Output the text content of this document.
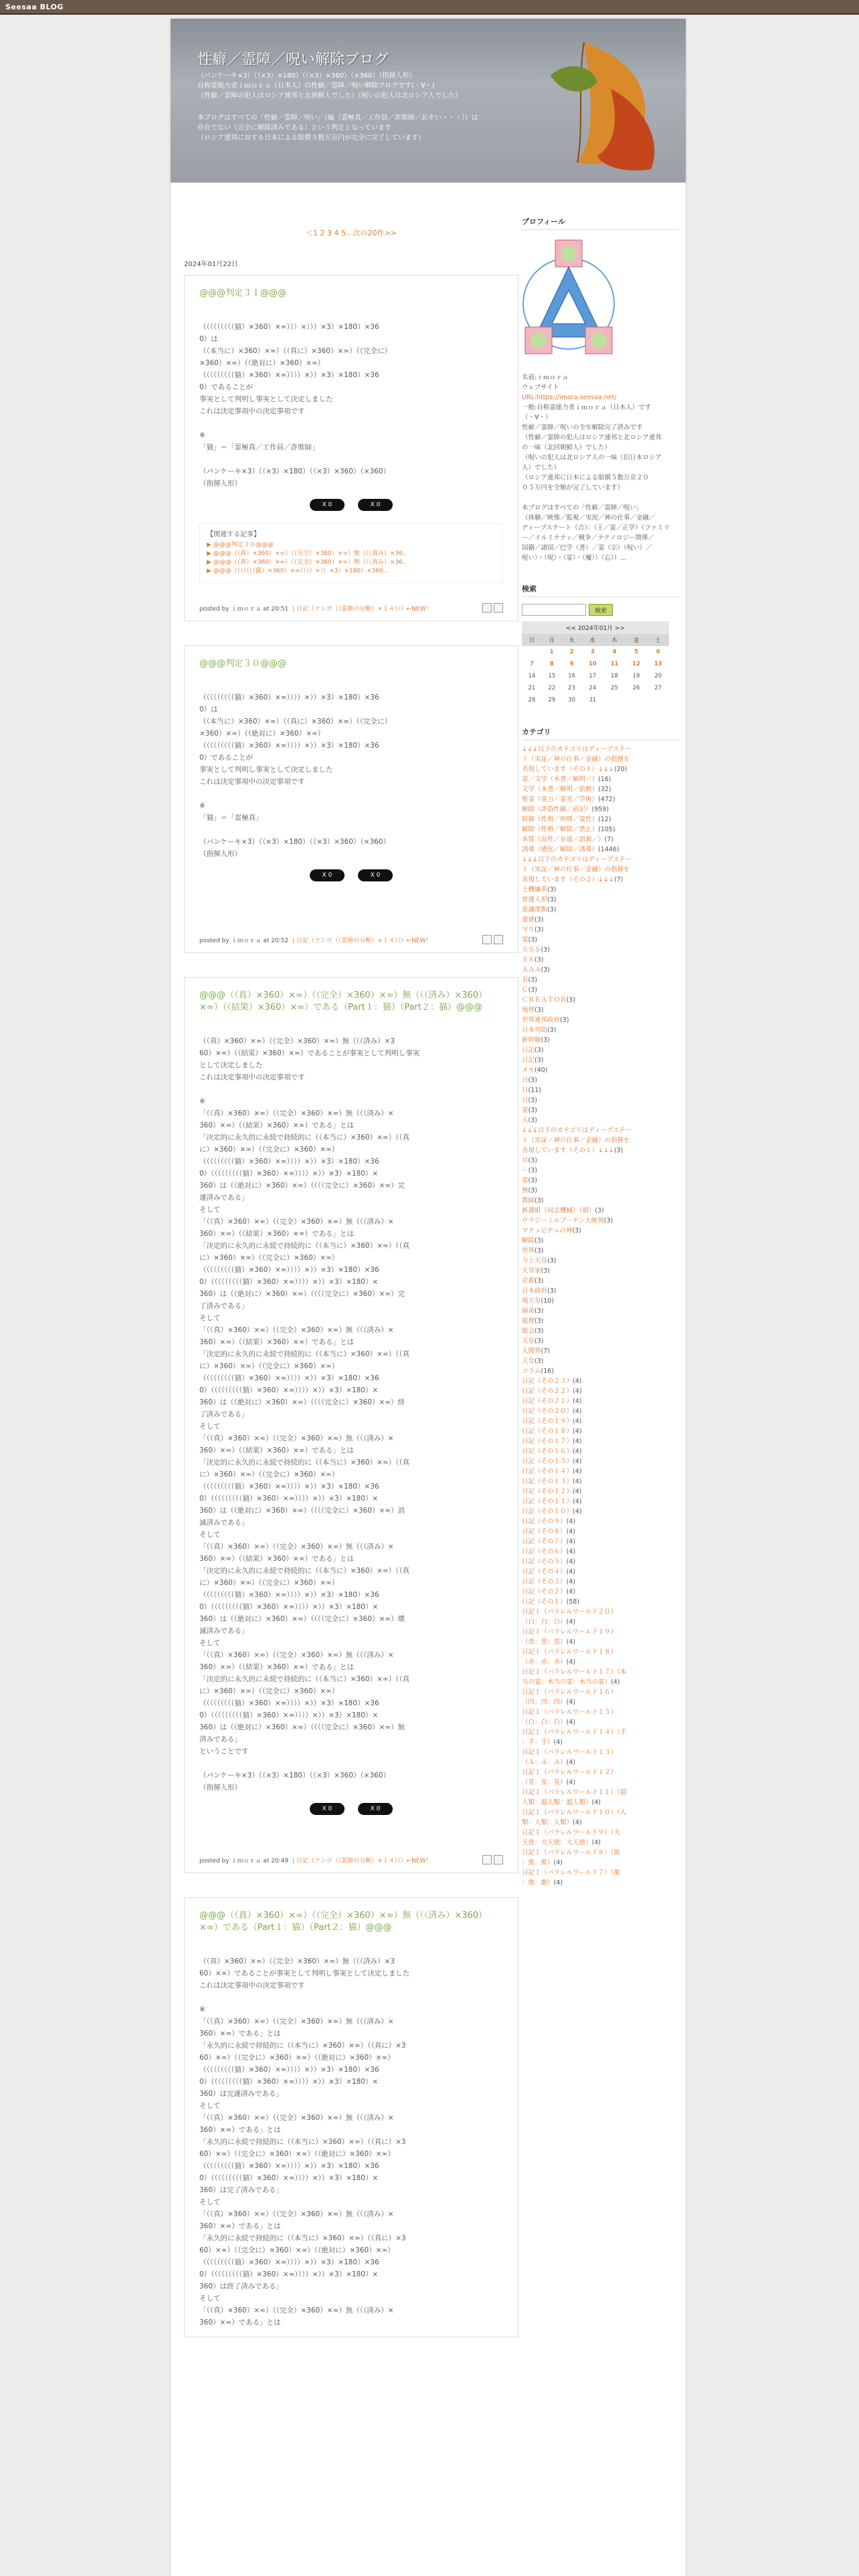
Seesaa BLOG
性癖／霊障／呪い解除ブログ
（パンケーキ×3）（（×3）×180）（（×3）×360）（×360）（指揮人形）
自称霊能力者ｉｍｏｒａ（日本人）の性癖／霊障／呪い解除ブログです(・∀・)
（性癖／霊障の犯人はロシア連邦と北朝鮮人でした）（呪いの犯人は北ロシア人でした）
本ブログはすべての「性癖／霊障／呪い」（編［霊極真／工作員／詐欺師／おそい・・・］）は
存在でない（完全に解除済みである）という判定となっています
（ロシア連邦に対する日本による賠償５数万京円が完全に完了しています）
＜1 2 3 4 5.. 次の20件>>
2024年01月22日
@@@判定３１@@@
（（（（（（（（（猫）×360）×∞）））×）））×3）×180）×36
0）は
（（本当に）×360）×∞）（（真に）×360）×∞）（（完全に）
×360）×∞）（（絶対に）×360）×∞）
（（（（（（（（（猫）×360）×∞））））×））×3）×180）×36
0）であることが
事実として判明し事実として決定しました
これは決定事項中の決定事項です

※
「猫」＝「霊極真／工作員／詐欺師」

（パンケーキ×3）（（×3）×180）（（×3）×360）（×360）
（指揮人形）
X 0	X 0
【関連する記事】
▶ @@@判定３０@@@
▶ @@@（（真）×360）×∞）（（完全）×360）×∞）無（（（真み）×36..
▶ @@@（（真）×360）×∞）（（完全）×360）×∞）無（（（真み）×36..
▶ @@@（（（（（（（猫）×360）×∞））））×））×3）×180）×360...
posted by ｉｍｏｒａ at 20:51 | 日記（ナンボ（（霊障の分断）×１４）））←NEW！
@@@判定３０@@@
（（（（（（（（（猫）×360）×∞））））×））×3）×180）×36
0）は
（（本当に）×360）×∞）（（真に）×360）×∞）（（完全に）
×360）×∞）（（絶対に）×360）×∞）
（（（（（（（（（猫）×360）×∞））））×））×3）×180）×36
0）であることが
事実として判明し事実として決定しました
これは決定事項中の決定事項です

※
「猫」＝「霊極真」

（パンケーキ×3）（（×3）×180）（（×3）×360）（×360）
（指揮人形）
X 0	X 0
posted by ｉｍｏｒａ at 20:52 | 日記（ナンボ（（霊障の分断）×１４）））←NEW！
@@@（（真）×360）×∞）（（完全）×360）×∞）無（（（済み）×360）×∞）（（結果）×360）×∞）である（Part１：猫）（Part２：猫）@@@
（（真）×360）×∞）（（完全）×360）×∞）無（（（済み）×3
60）×∞）（（結果）×360）×∞）であることが事実として判明し事実
として決定しました
これは決定事項中の決定事項です

※
「（（真）×360）×∞）（（完全）×360）×∞）無（（（済み）×
360）×∞）（（結果）×360）×∞）である」とは
「決定的に永久的に永続で持続的に（（本当に）×360）×∞）（（真
に）×360）×∞）（（完全に）×360）×∞）
（（（（（（（（（猫）×360）×∞））））×））×3）×180）×36
0）（（（（（（（（（猫）×360）×∞））））×））×3）×180）×
360）は（（絶対に）×360）×∞）（（（（完全に）×360）×∞）完
遂済みである」
そして
「（（真）×360）×∞）（（完全）×360）×∞）無（（（済み）×
360）×∞）（（結果）×360）×∞）である」とは
「決定的に永久的に永続で持続的に（（本当に）×360）×∞）（（真
に）×360）×∞）（（完全に）×360）×∞）
（（（（（（（（（猫）×360）×∞））））×））×3）×180）×36
0）（（（（（（（（（猫）×360）×∞））））×））×3）×180）×
360）は（（絶対に）×360）×∞）（（（（完全に）×360）×∞）完
了済みである」
そして
「（（真）×360）×∞）（（完全）×360）×∞）無（（（済み）×
360）×∞）（（結果）×360）×∞）である」とは
「決定的に永久的に永続で持続的に（（本当に）×360）×∞）（（真
に）×360）×∞）（（完全に）×360）×∞）
（（（（（（（（（猫）×360）×∞））））×））×3）×180）×36
0）（（（（（（（（（猫）×360）×∞））））×））×3）×180）×
360）は（（絶対に）×360）×∞）（（（（完全に）×360）×∞）終
了済みである」
そして
「（（真）×360）×∞）（（完全）×360）×∞）無（（（済み）×
360）×∞）（（結果）×360）×∞）である」とは
「決定的に永久的に永続で持続的に（（本当に）×360）×∞）（（真
に）×360）×∞）（（完全に）×360）×∞）
（（（（（（（（（猫）×360）×∞））））×））×3）×180）×36
0）（（（（（（（（（猫）×360）×∞））））×））×3）×180）×
360）は（（絶対に）×360）×∞）（（（（完全に）×360）×∞）消
滅済みである」
そして
「（（真）×360）×∞）（（完全）×360）×∞）無（（（済み）×
360）×∞）（（結果）×360）×∞）である」とは
「決定的に永久的に永続で持続的に（（本当に）×360）×∞）（（真
に）×360）×∞）（（完全に）×360）×∞）
（（（（（（（（（猫）×360）×∞））））×））×3）×180）×36
0）（（（（（（（（（猫）×360）×∞））））×））×3）×180）×
360）は（（絶対に）×360）×∞）（（（（完全に）×360）×∞）壊
滅済みである」
そして
「（（真）×360）×∞）（（完全）×360）×∞）無（（（済み）×
360）×∞）（（結果）×360）×∞）である」とは
「決定的に永久的に永続で持続的に（（本当に）×360）×∞）（（真
に）×360）×∞）（（完全に）×360）×∞）
（（（（（（（（（猫）×360）×∞））））×））×3）×180）×36
0）（（（（（（（（（猫）×360）×∞））））×））×3）×180）×
360）は（（絶対に）×360）×∞）（（（（完全に）×360）×∞）無
済みである」
ということです

（パンケーキ×3）（（×3）×180）（（×3）×360）（×360）
（指揮人形）
X 0	X 0
posted by ｉｍｏｒａ at 20:49 | 日記（ナンボ（（霊障の分断）×１４）））←NEW！
@@@（（真）×360）×∞）（（完全）×360）×∞）無（（（済み）×360）×∞）である（Part１：猫）（Part２：猫）@@@
（（真）×360）×∞）（（完全）×360）×∞）無（（（済み）×3
60）×∞）であることが事実として判明し事実として決定しました
これは決定事項中の決定事項です

※
「（（真）×360）×∞）（（完全）×360）×∞）無（（（済み）×
360）×∞）である」とは
「永久的に永続で持続的に（（本当に）×360）×∞）（（真に）×3
60）×∞）（（完全に）×360）×∞）（（絶対に）×360）×∞）
（（（（（（（（（猫）×360）×∞））））×））×3）×180）×36
0）（（（（（（（（（猫）×360）×∞））））×））×3）×180）×
360）は完遂済みである」
そして
「（（真）×360）×∞）（（完全）×360）×∞）無（（（済み）×
360）×∞）である」とは
「永久的に永続で持続的に（（本当に）×360）×∞）（（真に）×3
60）×∞）（（完全に）×360）×∞）（（絶対に）×360）×∞）
（（（（（（（（（猫）×360）×∞））））×））×3）×180）×36
0）（（（（（（（（（猫）×360）×∞））））×））×3）×180）×
360）は完了済みである」
そして
「（（真）×360）×∞）（（完全）×360）×∞）無（（（済み）×
360）×∞）である」とは
「永久的に永続で持続的に（（本当に）×360）×∞）（（真に）×3
60）×∞）（（完全に）×360）×∞）（（絶対に）×360）×∞）
（（（（（（（（（猫）×360）×∞））））×））×3）×180）×36
0）（（（（（（（（（猫）×360）×∞））））×））×3）×180）×
360）は終了済みである」
そして
「（（真）×360）×∞）（（完全）×360）×∞）無（（（済み）×
360）×∞）である」とは
プロフィール
名前:ｉｍｏｒａ
ウェブサイト
URL:https://imora.seesaa.net/
一般:自称霊能力者ｉｍｏｒａ（日本人）です
（・∀・）
性癖／霊障／呪いの全年解除完了済みです
（性癖／霊障の犯人はロシア連邦と北ロシア連邦
の一味（北回朝鮮人）でした）
（呪いの犯人は北ロシア人の一味（旧日本ロシア
人）でした）
（ロシア連邦に日本による賠償５数万京２０
０５万円を全額が完了しています）

本ブログはすべての「性癖／霊障／呪い」
（体験／映像／監視／実況／神の仕事／金融／
ディープステート（吉）：（王／霊／正学）（ファミリ
ー／イルミナティ／戦争／テクノロジー関係／
国籍／諸国／巴学（書）／霊（宗）（呪い）／
呪い）・（呪）・（霊）・（魔））（忘））...
検索
検索
<< 2024年01月 >>
日	月	火	水	木	金	土
	1	2	3	4	5	6
7	8	9	10	11	12	13
14	15	16	17	18	19	20
21	22	23	24	25	26	27
28	29	30	31			
カテゴリ
↓↓↓以下のカテゴリはディープステー
ト（実証／神の仕事／金融）の指揮を
表現しています（その１）↓↓↓(20)
霊／文学（本書／解明／）(16)
文学（本書／解明／依頼）(32)
聖霊（霊力／霊光／学術）(472)
解除（詐偽性癖／前記）(959)
防御（性格／仲間／霊性）(12)
解除（性格／解除／禁止）(105)
本質（品性／歩道／語源／）(7)
誘導（感化／解除／誘導）(1446)
↓↓↓以下のカテゴリはディープステー
ト（実証／神の仕事／金融）の指揮を
表現しています（その２）↓↓↓(7)
上機嫌系(3)
普通人形(3)
意識運動(3)
道徳(3)
守り(3)
霊(3)
ＳＳＳ(3)
ＳＳ(3)
ＡＡＡ(3)
Ｂ(3)
Ｃ(3)
ＣＲＥＡＴＯＲ(3)
地理(3)
世界連邦政府(3)
日本列島(3)
新幹線(3)
日記(3)
日記(3)
メモ(40)
日(3)
日(11)
日(3)
霊(3)
人(3)
↓↓↓以下のカテゴリはディープステー
ト（実証／神の仕事／金融）の指揮を
表現しています（その１）↓↓↓(3)
０(3)
ー(3)
霊(3)
無(3)
教師(3)
新選組（同志機械）（頭）(3)
ウラジーミルプーチン大統領(3)
マチュピチュの神(3)
解除(3)
世界(3)
今上天皇(3)
天皇家(3)
京都(3)
日本政府(3)
現天皇(10)
師弟(3)
総理(3)
総会(3)
天皇(3)
人間界(7)
天皇(3)
コラム(16)
日記（その２３）(4)
日記（その２２）(4)
日記（その２１）(4)
日記（その２０）(4)
日記（その１９）(4)
日記（その１８）(4)
日記（その１７）(4)
日記（その１６）(4)
日記（その１５）(4)
日記（その１４）(4)
日記（その１３）(4)
日記（その１２）(4)
日記（その１１）(4)
日記（その１０）(4)
日記（その９）(4)
日記（その８）(4)
日記（その７）(4)
日記（その６）(4)
日記（その５）(4)
日記（その４）(4)
日記（その３）(4)
日記（その２）(4)
日記（その１）(58)
日記１（パラレルワールド２０）
（白：白：白）(4)
日記１（パラレルワールド１９）
（黒：黒：黒）(4)
日記１（パラレルワールド１８）
（赤：赤：赤）(4)
日記１（パラレルワールド１７）（本
当の霊：本当の霊：本当の霊）(4)
日記１（パラレルワールド１６）
（四：四：四）(4)
日記１（パラレルワールド１５）
（白：白：白）(4)
日記１（パラレルワールド１４）（手
：手：手）(4)
日記１（パラレルワールド１３）
（Ａ：Ａ：Ａ）(4)
日記１（パラレルワールド１２）
（星：星：星）(4)
日記１（パラレルワールド１１）（超
人類：超人類：超人類）(4)
日記１（パラレルワールド１０）（人
類：人類：人類）(4)
日記１（パラレルワールド９）（大
天使：大天使：大天使）(4)
日記１（パラレルワールド８）（熊
：熊：熊）(4)
日記１（パラレルワールド７）（龍
：龍：龍）(4)
